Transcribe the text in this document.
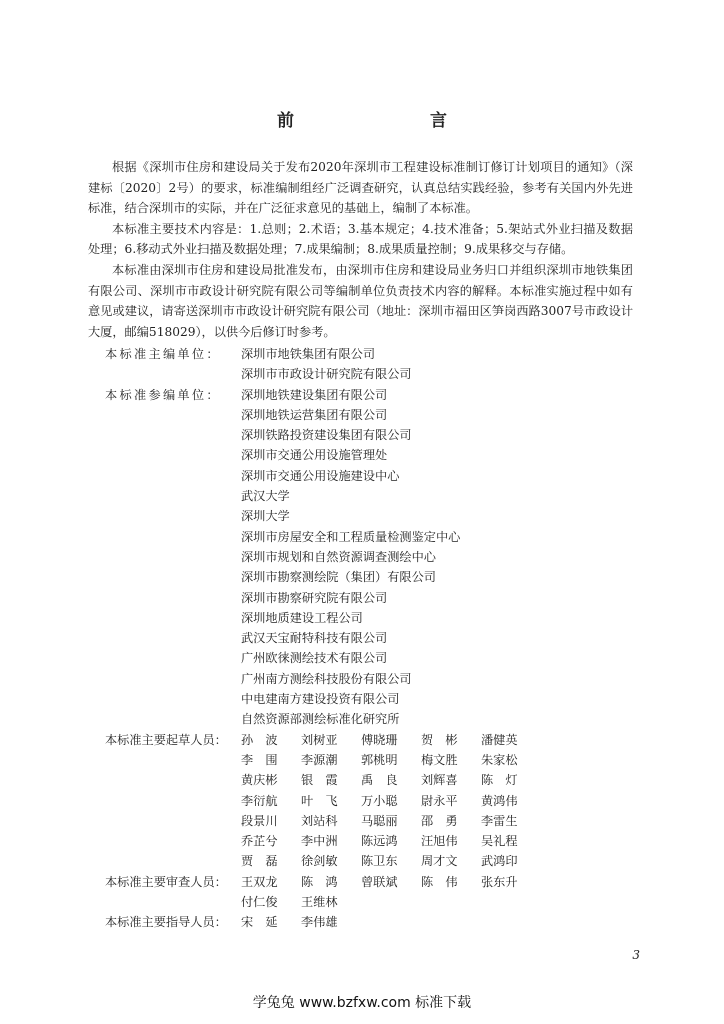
前　　言

根据《深圳市住房和建设局关于发布2020年深圳市工程建设标准制订修订计划项目的通知》（深建标〔2020〕2号）的要求，标准编制组经广泛调查研究，认真总结实践经验，参考有关国内外先进标准，结合深圳市的实际，并在广泛征求意见的基础上，编制了本标准。

本标准主要技术内容是：1.总则；2.术语；3.基本规定；4.技术准备；5.架站式外业扫描及数据处理；6.移动式外业扫描及数据处理；7.成果编制；8.成果质量控制；9.成果移交与存储。

本标准由深圳市住房和建设局批准发布，由深圳市住房和建设局业务归口并组织深圳市地铁集团有限公司、深圳市市政设计研究院有限公司等编制单位负责技术内容的解释。本标准实施过程中如有意见或建议，请寄送深圳市市政设计研究院有限公司（地址：深圳市福田区笋岗西路3007号市政设计大厦，邮编518029），以供今后修订时参考。

本标准主编单位：	深圳市地铁集团有限公司
深圳市市政设计研究院有限公司
本标准参编单位：	深圳地铁建设集团有限公司
深圳地铁运营集团有限公司
深圳铁路投资建设集团有限公司
深圳市交通公用设施管理处
深圳市交通公用设施建设中心
武汉大学
深圳大学
深圳市房屋安全和工程质量检测鉴定中心
深圳市规划和自然资源调查测绘中心
深圳市勘察测绘院（集团）有限公司
深圳市勘察研究院有限公司
深圳地质建设工程公司
武汉天宝耐特科技有限公司
广州欧徕测绘技术有限公司
广州南方测绘科技股份有限公司
中电建南方建设投资有限公司
自然资源部测绘标准化研究所
本标准主要起草人员：	孙　波 刘树亚 傅晓珊 贺　彬 潘健英
李　围 李源潮 郭桃明 梅文胜 朱家松
黄庆彬 银　霞 禹　良 刘辉喜 陈　灯
李衍航 叶　飞 万小聪 尉永平 黄鸿伟
段景川 刘站科 马聪丽 邵　勇 李雷生
乔芷兮 李中洲 陈远鸿 汪旭伟 吴礼程
贾　磊 徐剑敏 陈卫东 周才文 武鸿印
本标准主要审查人员：	王双龙 陈　鸿 曾联斌 陈　伟 张东升
付仁俊 王维林
本标准主要指导人员：	宋　延 李伟雄
3
学兔兔 www.bzfxw.com 标准下载
